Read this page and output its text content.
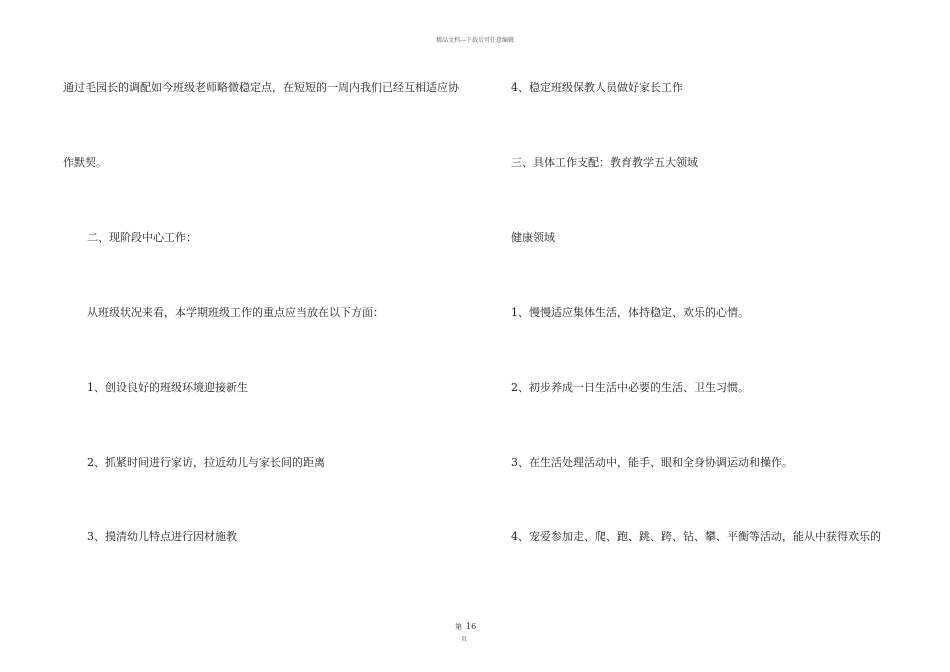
精品文档---下载后可任意编辑
通过毛园长的调配如今班级老师略微稳定点，在短短的一周内我们已经互相适应协
作默契。
二、现阶段中心工作：
从班级状况来看，本学期班级工作的重点应当放在以下方面：
1、创设良好的班级环境迎接新生
2、抓紧时间进行家访，拉近幼儿与家长间的距离
3、摸清幼儿特点进行因材施教
4、稳定班级保教人员做好家长工作
三、具体工作支配：教育教学五大领域
健康领域
1、慢慢适应集体生活，体持稳定、欢乐的心情。
2、初步养成一日生活中必要的生活、卫生习惯。
3、在生活处理活动中，能手、眼和全身协调运动和操作。
4、宠爱参加走、爬、跑、跳、跨、钻、攀、平衡等活动，能从中获得欢乐的
第 16
页
